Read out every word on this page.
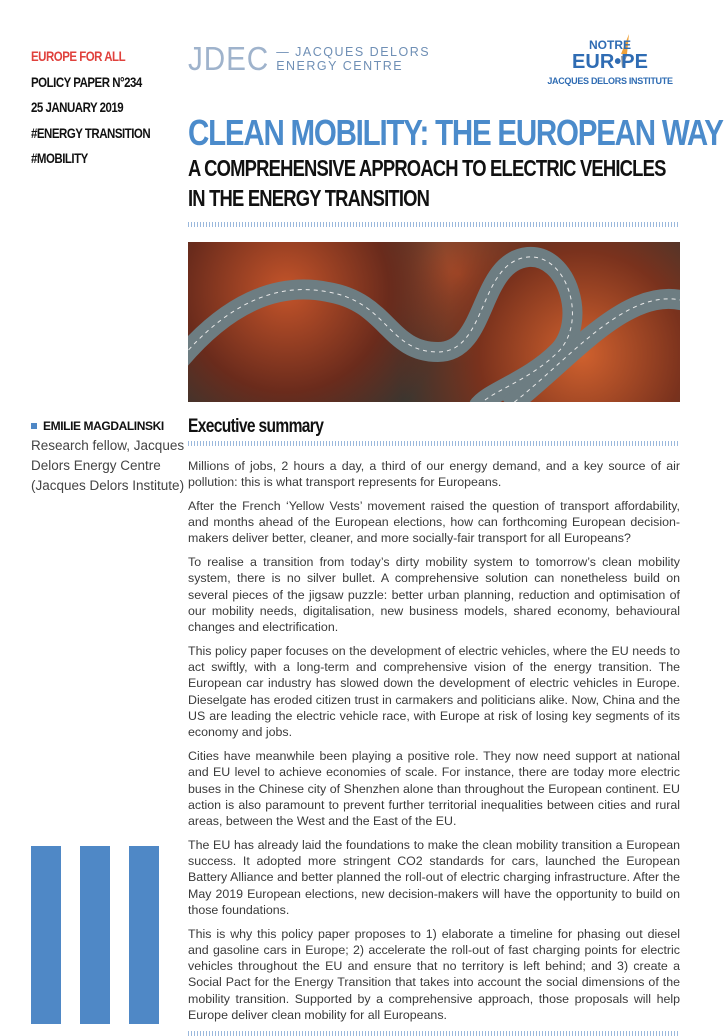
EUROPE FOR ALL
POLICY PAPER N°234
25 JANUARY 2019
#ENERGY TRANSITION
#MOBILITY
JDEC — JACQUES DELORS
ENERGY CENTRE
NOTRE
EUR•PE
JACQUES DELORS INSTITUTE
CLEAN MOBILITY: THE EUROPEAN WAY
A COMPREHENSIVE APPROACH TO ELECTRIC VEHICLES
IN THE ENERGY TRANSITION
EMILIE MAGDALINSKI
Research fellow, Jacques
Delors Energy Centre
(Jacques Delors Institute)
Executive summary

Millions of jobs, 2 hours a day, a third of our energy demand, and a key source of air pollution: this is what transport represents for Europeans.

After the French ‘Yellow Vests’ movement raised the question of transport affordability, and months ahead of the European elections, how can forthcoming European decision-makers deliver better, cleaner, and more socially-fair transport for all Europeans?

To realise a transition from today’s dirty mobility system to tomorrow’s clean mobility system, there is no silver bullet. A comprehensive solution can nonetheless build on several pieces of the jigsaw puzzle: better urban planning, reduction and optimisation of our mobility needs, digitalisation, new business models, shared economy, behavioural changes and electrification.

This policy paper focuses on the development of electric vehicles, where the EU needs to act swiftly, with a long-term and comprehensive vision of the energy transition. The European car industry has slowed down the development of electric vehicles in Europe. Dieselgate has eroded citizen trust in carmakers and politicians alike. Now, China and the US are leading the electric vehicle race, with Europe at risk of losing key segments of its economy and jobs.

Cities have meanwhile been playing a positive role. They now need support at national and EU level to achieve economies of scale. For instance, there are today more electric buses in the Chinese city of Shenzhen alone than throughout the European continent. EU action is also paramount to prevent further territorial inequalities between cities and rural areas, between the West and the East of the EU.

The EU has already laid the foundations to make the clean mobility transition a European success. It adopted more stringent CO2 standards for cars, launched the European Battery Alliance and better planned the roll-out of electric charging infrastructure. After the May 2019 European elections, new decision-makers will have the opportunity to build on those foundations.

This is why this policy paper proposes to 1) elaborate a timeline for phasing out diesel and gasoline cars in Europe; 2) accelerate the roll-out of fast charging points for electric vehicles throughout the EU and ensure that no territory is left behind; and 3) create a Social Pact for the Energy Transition that takes into account the social dimensions of the mobility transition. Supported by a comprehensive approach, those proposals will help Europe deliver clean mobility for all Europeans.
